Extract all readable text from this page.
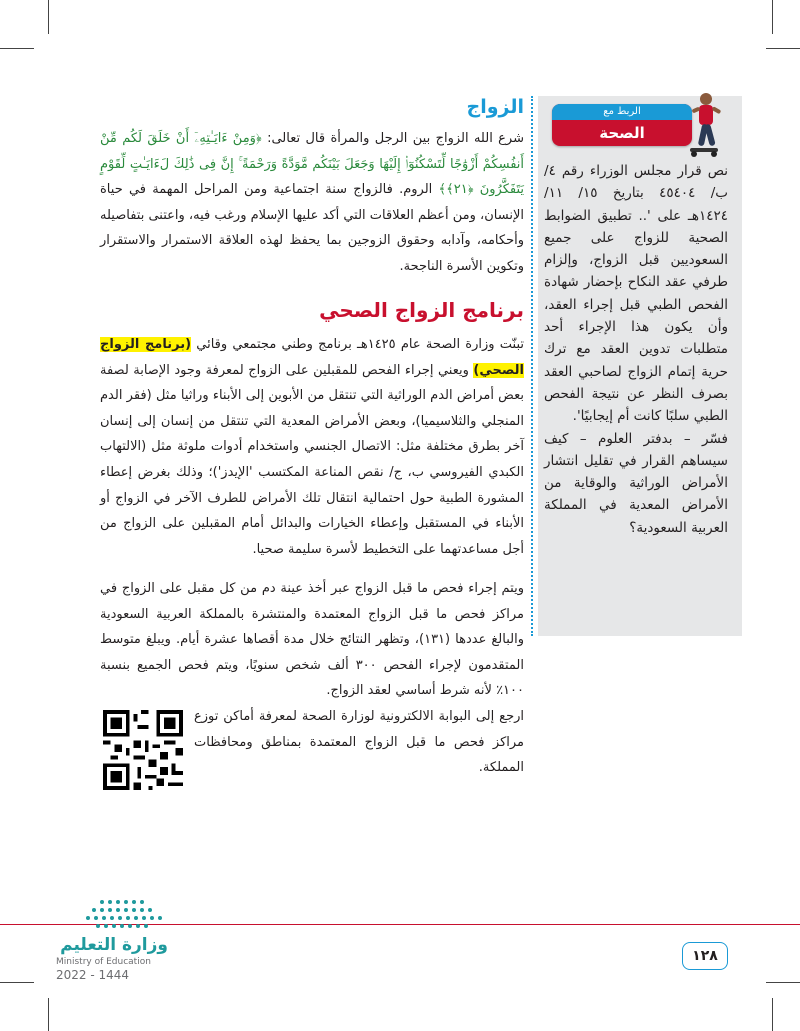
الربط مع
الصحة

نص قرار مجلس الوزراء رقم ٤/ ب/ ٤٥٤٠٤ بتاريخ ١٥/ ١١/ ١٤٢٤هـ على '.. تطبيق الضوابط الصحية للزواج على جميع السعوديين قبل الزواج، وإلزام طرفي عقد النكاح بإحضار شهادة الفحص الطبي قبل إجراء العقد، وأن يكون هذا الإجراء أحد متطلبات تدوين العقد مع ترك حرية إتمام الزواج لصاحبي العقد بصرف النظر عن نتيجة الفحص الطبي سلبًا كانت أم إيجابيًا'.

فسّر – بدفتر العلوم – كيف سيساهم القرار في تقليل انتشار الأمراض الوراثية والوقاية من الأمراض المعدية في المملكة العربية السعودية؟

الزواج

شرع الله الزواج بين الرجل والمرأة قال تعالى: ﴿وَمِنْ ءَايَـٰتِهِۦٓ أَنْ خَلَقَ لَكُم مِّنْ أَنفُسِكُمْ أَزْوَٰجًا لِّتَسْكُنُوٓا۟ إِلَيْهَا وَجَعَلَ بَيْنَكُم مَّوَدَّةً وَرَحْمَةً ۚ إِنَّ فِى ذَٰلِكَ لَءَايَـٰتٍ لِّقَوْمٍ يَتَفَكَّرُونَ ﴿٢١﴾﴾ الروم. فالزواج سنة اجتماعية ومن المراحل المهمة في حياة الإنسان، ومن أعظم العلاقات التي أكد عليها الإسلام ورغب فيه، واعتنى بتفاصيله وأحكامه، وآدابه وحقوق الزوجين بما يحفظ لهذه العلاقة الاستمرار والاستقرار وتكوين الأسرة الناجحة.

برنامج الزواج الصحي

تبنّت وزارة الصحة عام ١٤٢٥هـ برنامج وطني مجتمعي وقائي (برنامج الزواج الصحي) ويعني إجراء الفحص للمقبلين على الزواج لمعرفة وجود الإصابة لصفة بعض أمراض الدم الوراثية التي تنتقل من الأبوين إلى الأبناء وراثيا مثل (فقر الدم المنجلي والثلاسيميا)، وبعض الأمراض المعدية التي تنتقل من إنسان إلى إنسان آخر بطرق مختلفة مثل: الاتصال الجنسي واستخدام أدوات ملوثة مثل (الالتهاب الكبدي الفيروسي ب، ج/ نقص المناعة المكتسب 'الإيدز')؛ وذلك بغرض إعطاء المشورة الطبية حول احتمالية انتقال تلك الأمراض للطرف الآخر في الزواج أو الأبناء في المستقبل وإعطاء الخيارات والبدائل أمام المقبلين على الزواج من أجل مساعدتهما على التخطيط لأسرة سليمة صحيا.

ويتم إجراء فحص ما قبل الزواج عبر أخذ عينة دم من كل مقبل على الزواج في مراكز فحص ما قبل الزواج المعتمدة والمنتشرة بالمملكة العربية السعودية والبالغ عددها (١٣١)، وتظهر النتائج خلال مدة أقصاها عشرة أيام. ويبلغ متوسط المتقدمون لإجراء الفحص ٣٠٠ ألف شخص سنويًا، ويتم فحص الجميع بنسبة ١٠٠٪ لأنه شرط أساسي لعقد الزواج.

ارجع إلى البوابة الالكترونية لوزارة الصحة لمعرفة أماكن توزع مراكز فحص ما قبل الزواج المعتمدة بمناطق ومحافظات المملكة.

١٢٨

وزارة التعليم

Ministry of Education

2022 - 1444
